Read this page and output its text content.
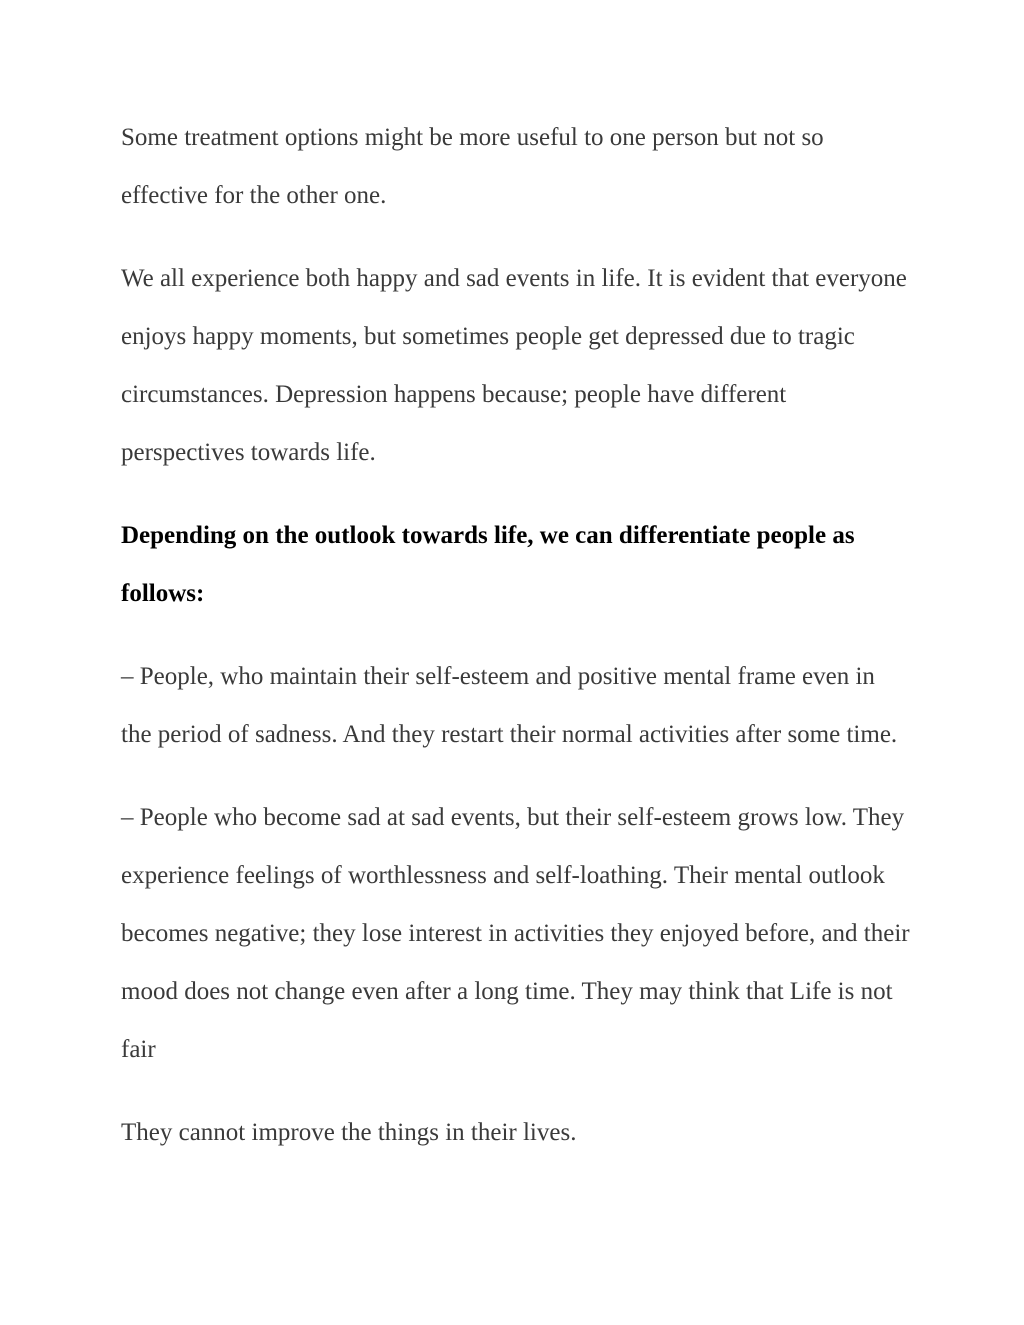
Some treatment options might be more useful to one person but not so effective for the other one.

We all experience both happy and sad events in life. It is evident that everyone enjoys happy moments, but sometimes people get depressed due to tragic circumstances. Depression happens because; people have different perspectives towards life.

Depending on the outlook towards life, we can differentiate people as follows:

– People, who maintain their self-esteem and positive mental frame even in the period of sadness. And they restart their normal activities after some time.

– People who become sad at sad events, but their self-esteem grows low. They experience feelings of worthlessness and self-loathing. Their mental outlook becomes negative; they lose interest in activities they enjoyed before, and their mood does not change even after a long time. They may think that Life is not fair

They cannot improve the things in their lives.
